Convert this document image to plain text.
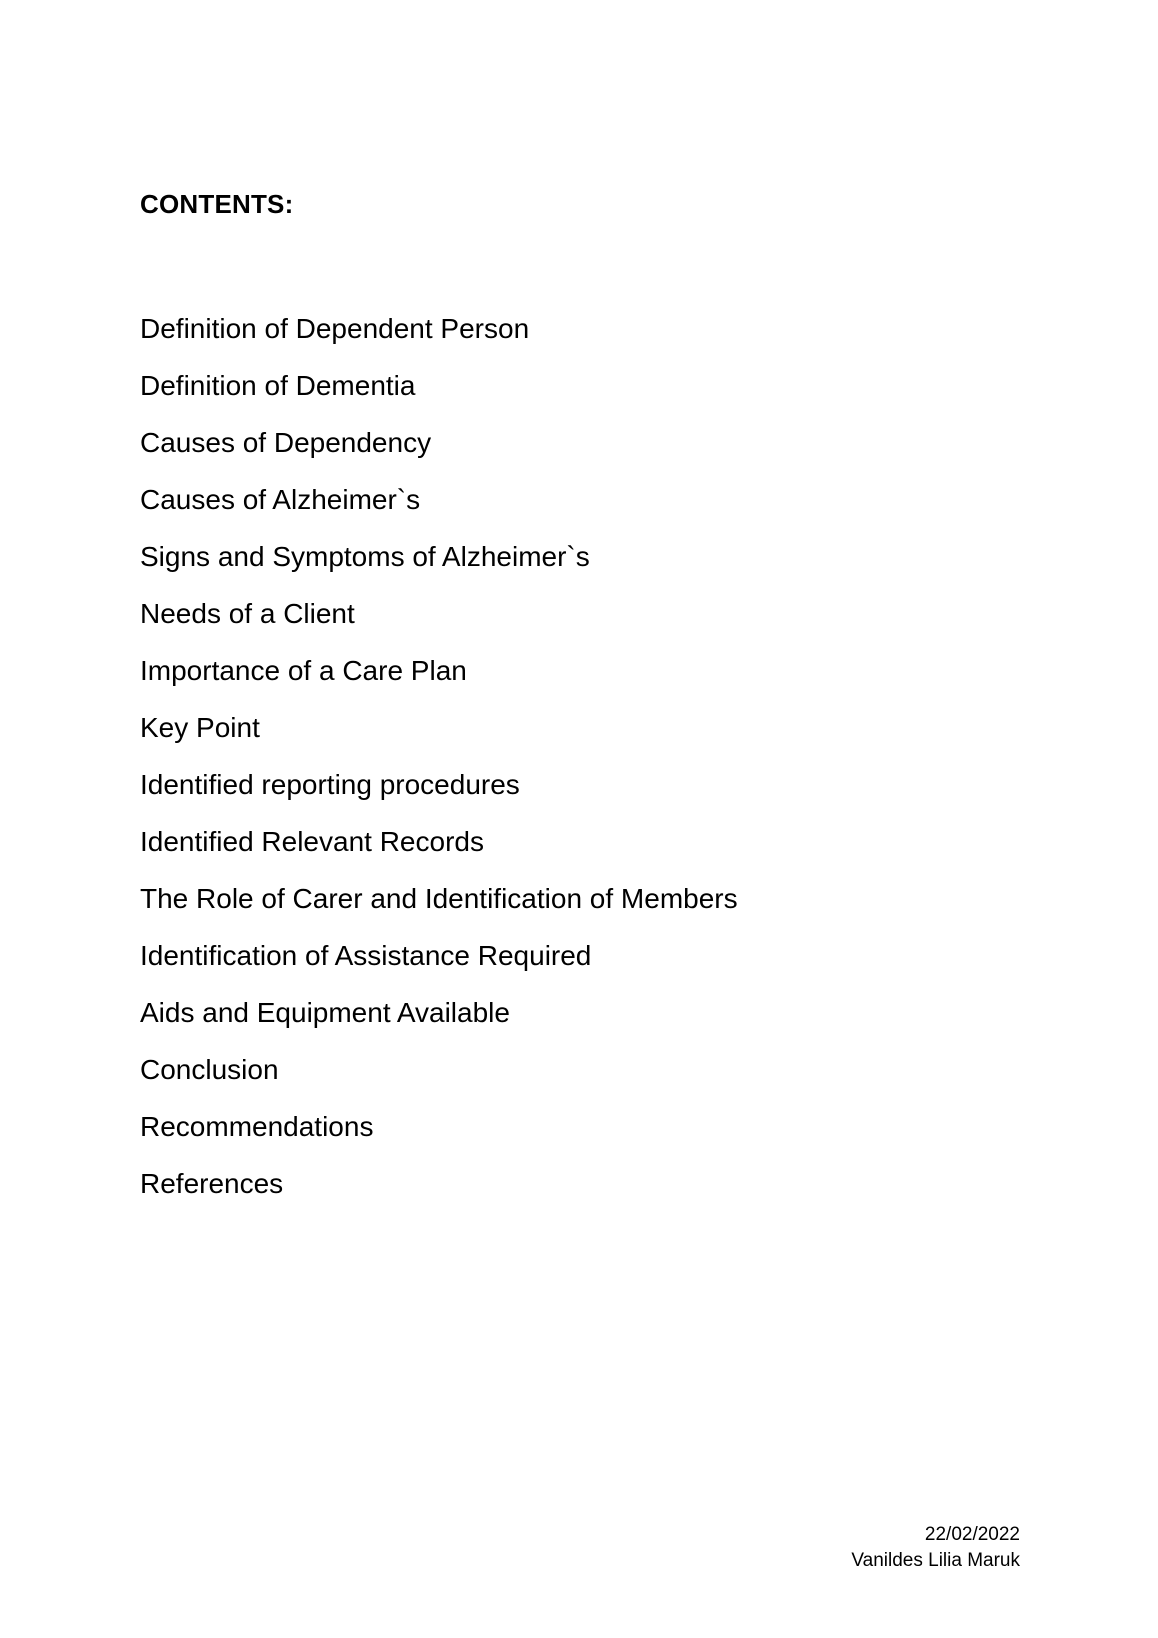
CONTENTS:
Definition of Dependent Person
Definition of Dementia
Causes of Dependency
Causes of Alzheimer`s
Signs and Symptoms of Alzheimer`s
Needs of a Client
Importance of a Care Plan
Key Point
Identified reporting procedures
Identified Relevant Records
The Role of Carer and Identification of Members
Identification of Assistance Required
Aids and Equipment Available
Conclusion
Recommendations
References
22/02/2022
Vanildes Lilia Maruk
